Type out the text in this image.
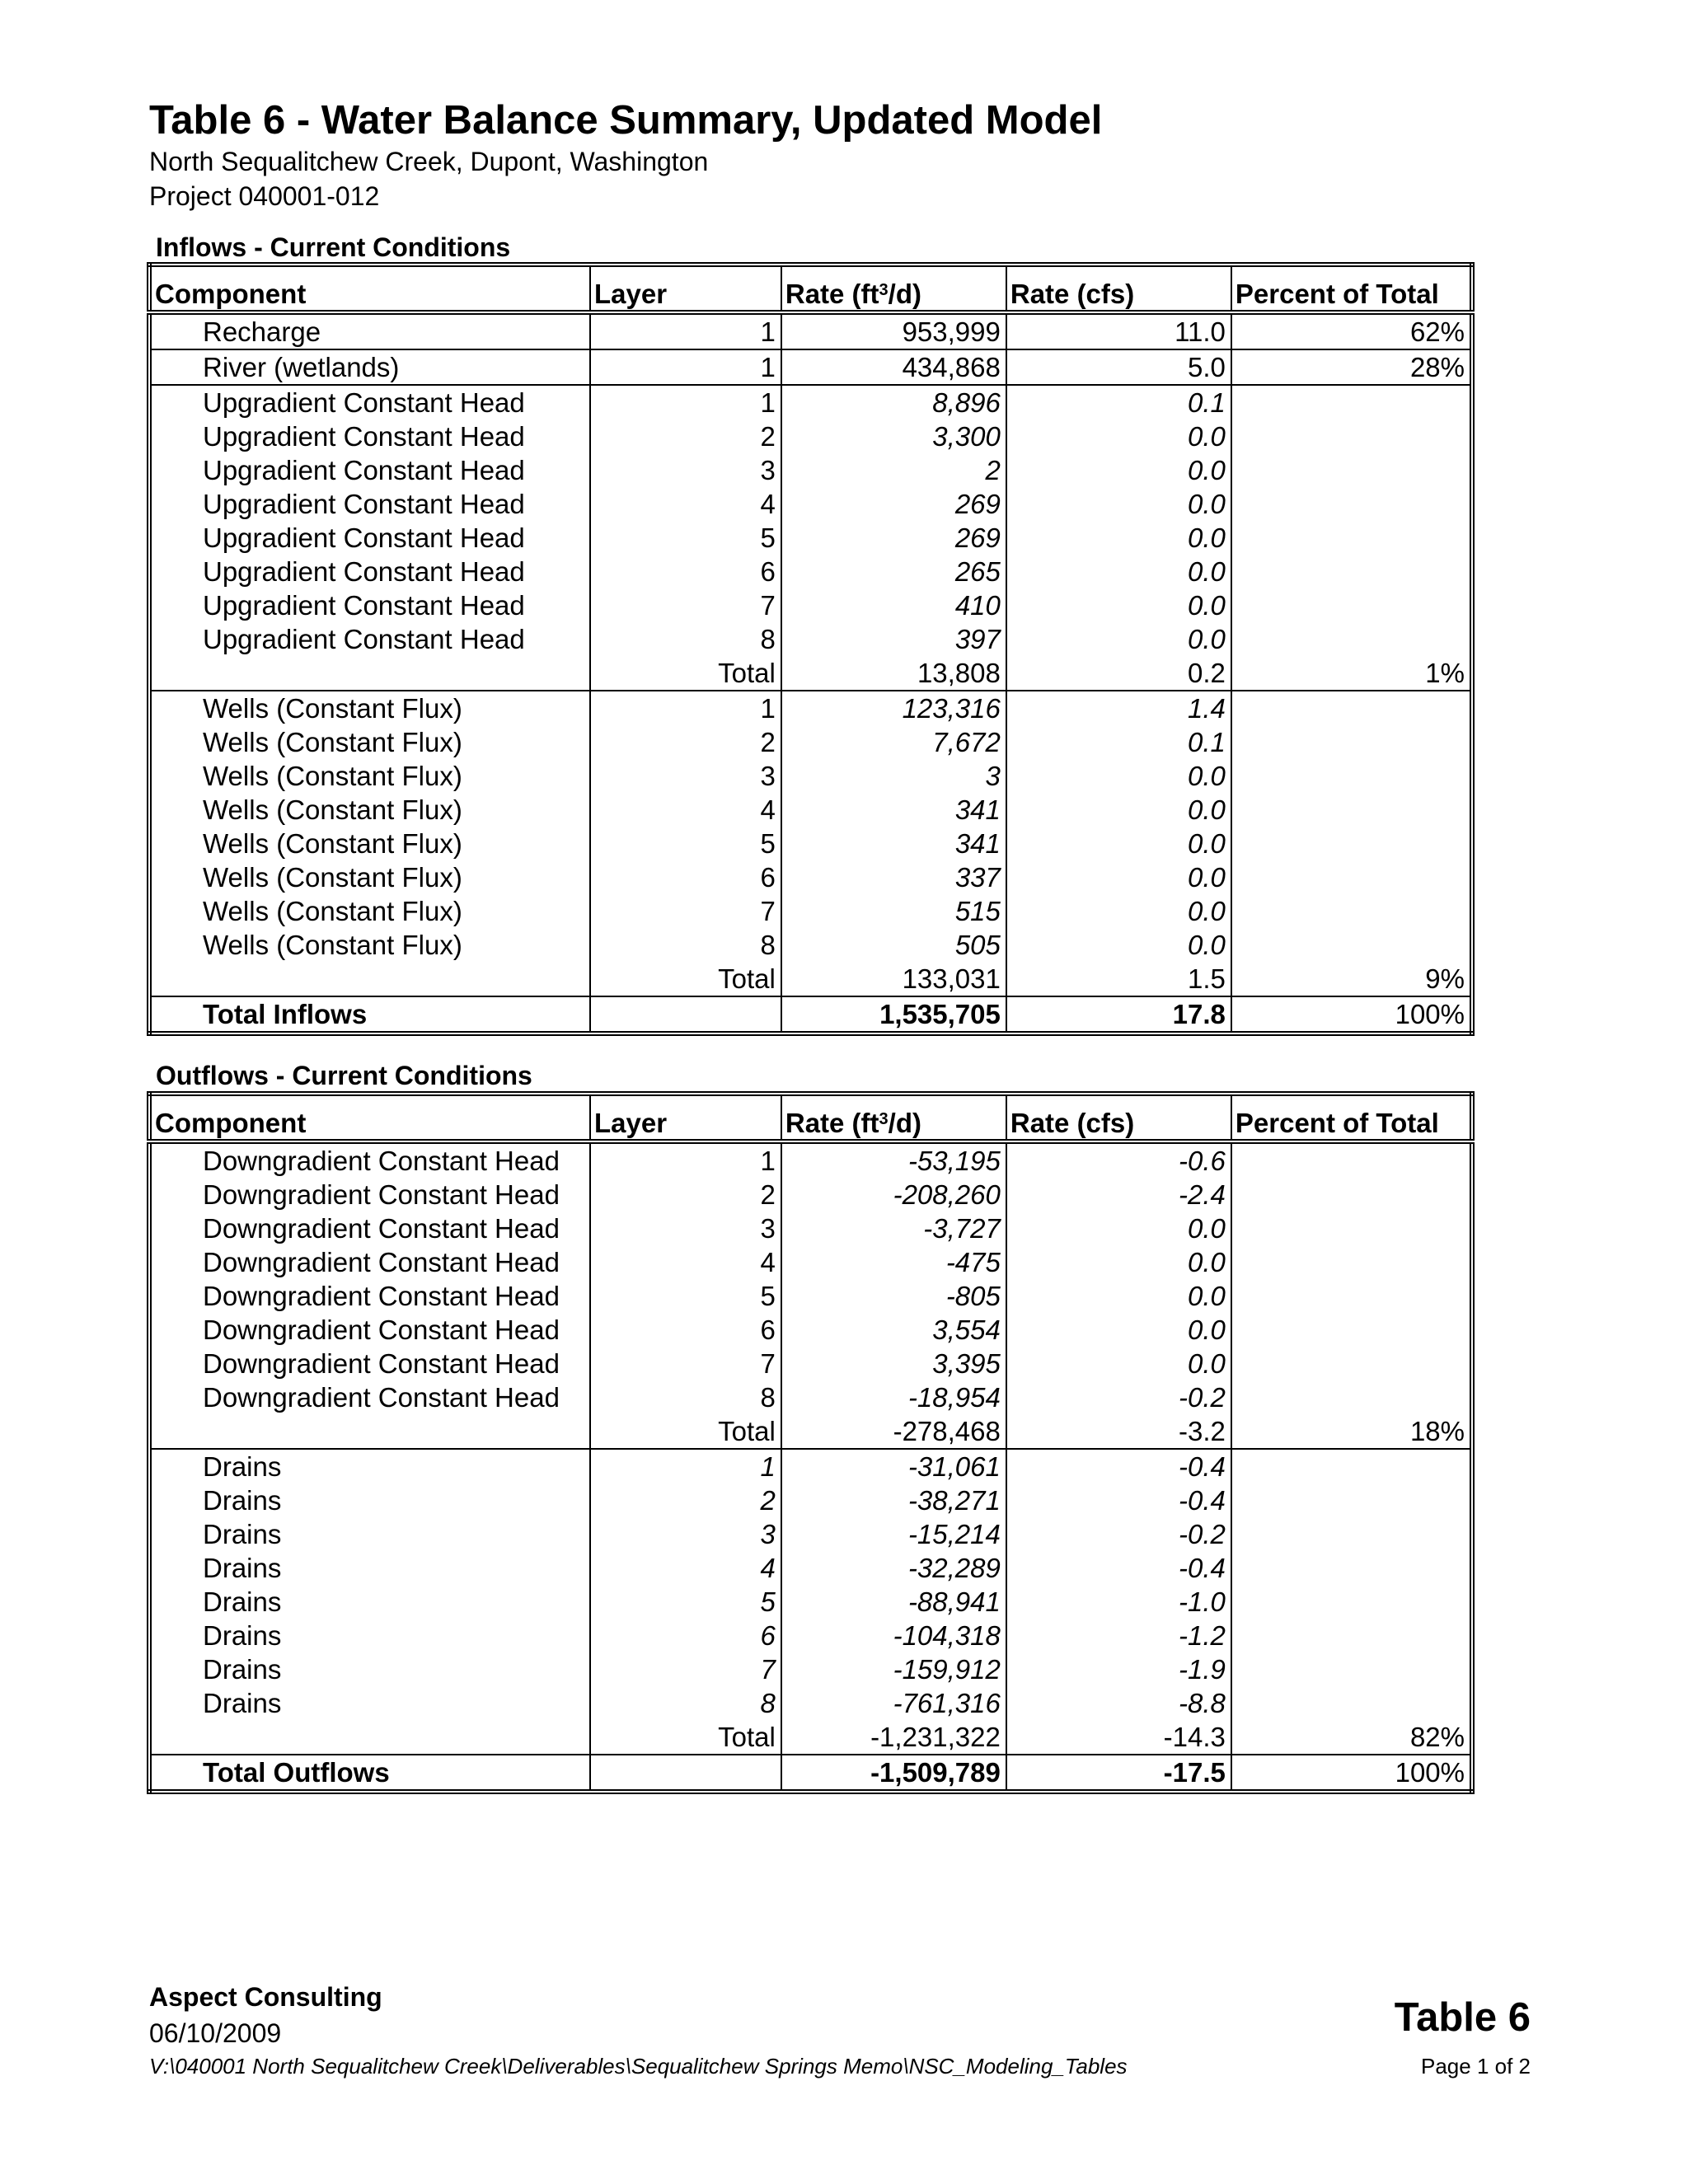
Table 6 - Water Balance Summary, Updated Model
North Sequalitchew Creek, Dupont, Washington
Project 040001-012
Inflows - Current Conditions
Component	Layer	Rate $(ft^3/d)$	Rate (cfs)	Percent of Total
Recharge	1	953,999	11.0	62%
River (wetlands)	1	434,868	5.0	28%
Upgradient Constant Head	1	8,896	0.1	
Upgradient Constant Head	2	3,300	0.0	
Upgradient Constant Head	3	2	0.0	
Upgradient Constant Head	4	269	0.0	
Upgradient Constant Head	5	269	0.0	
Upgradient Constant Head	6	265	0.0	
Upgradient Constant Head	7	410	0.0	
Upgradient Constant Head	8	397	0.0	
	Total	13,808	0.2	1%
Wells (Constant Flux)	1	123,316	1.4	
Wells (Constant Flux)	2	7,672	0.1	
Wells (Constant Flux)	3	3	0.0	
Wells (Constant Flux)	4	341	0.0	
Wells (Constant Flux)	5	341	0.0	
Wells (Constant Flux)	6	337	0.0	
Wells (Constant Flux)	7	515	0.0	
Wells (Constant Flux)	8	505	0.0	
	Total	133,031	1.5	9%
Total Inflows		1,535,705	17.8	100%
Outflows - Current Conditions
Component	Layer	Rate $(ft^3/d)$	Rate (cfs)	Percent of Total
Downgradient Constant Head	1	-53,195	-0.6	
Downgradient Constant Head	2	-208,260	-2.4	
Downgradient Constant Head	3	-3,727	0.0	
Downgradient Constant Head	4	-475	0.0	
Downgradient Constant Head	5	-805	0.0	
Downgradient Constant Head	6	3,554	0.0	
Downgradient Constant Head	7	3,395	0.0	
Downgradient Constant Head	8	-18,954	-0.2	
	Total	-278,468	-3.2	18%
Drains	1	-31,061	-0.4	
Drains	2	-38,271	-0.4	
Drains	3	-15,214	-0.2	
Drains	4	-32,289	-0.4	
Drains	5	-88,941	-1.0	
Drains	6	-104,318	-1.2	
Drains	7	-159,912	-1.9	
Drains	8	-761,316	-8.8	
	Total	-1,231,322	-14.3	82%
Total Outflows		-1,509,789	-17.5	100%
Aspect Consulting
06/10/2009
V:\040001 North Sequalitchew Creek\Deliverables\Sequalitchew Springs Memo\NSC_Modeling_Tables
Table 6
Page 1 of 2
